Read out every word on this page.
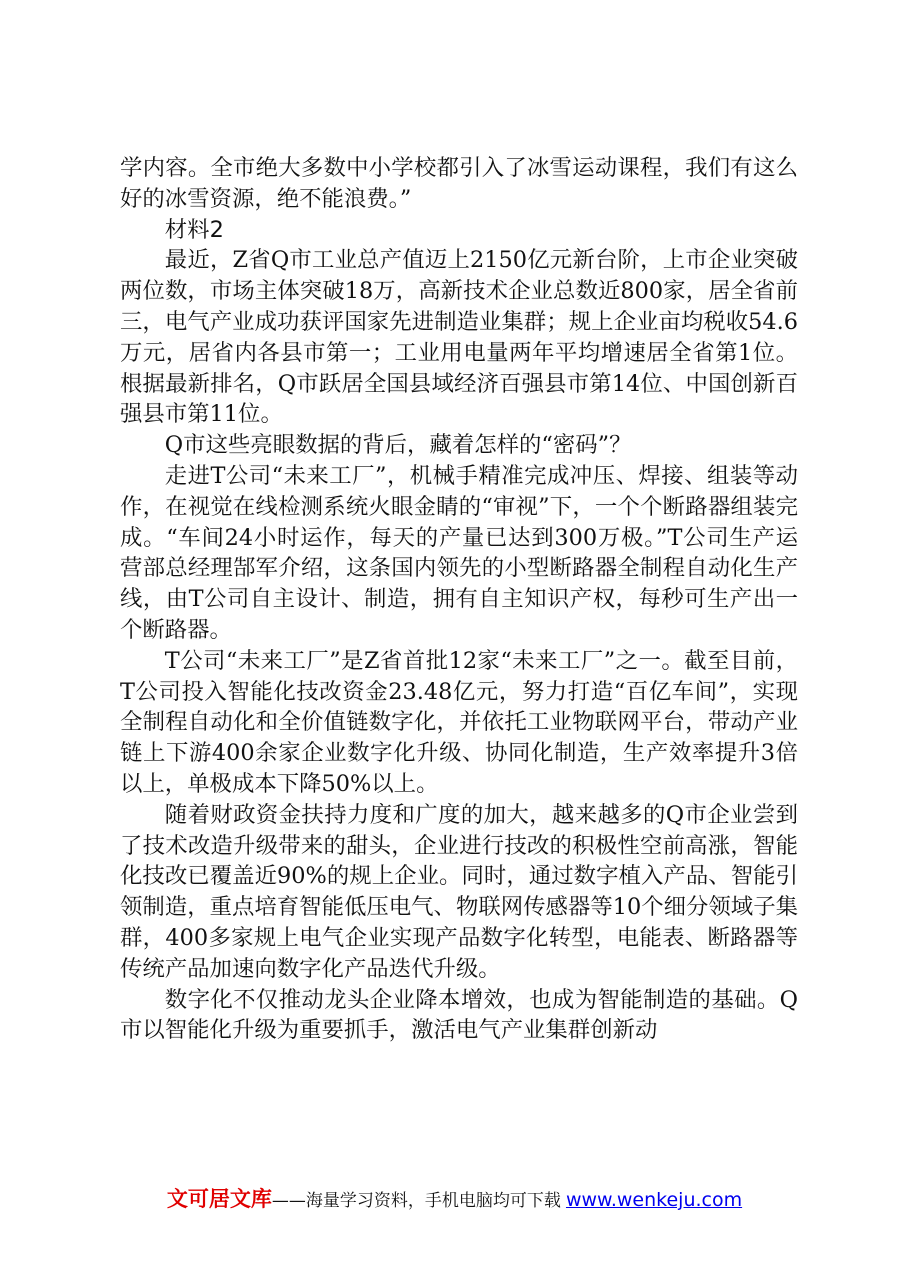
学内容。全市绝大多数中小学校都引入了冰雪运动课程，我们有这么好的冰雪资源，绝不能浪费。”

材料2

最近，Z省Q市工业总产值迈上2150亿元新台阶，上市企业突破两位数，市场主体突破18万，高新技术企业总数近800家，居全省前三，电气产业成功获评国家先进制造业集群；规上企业亩均税收54.6万元，居省内各县市第一；工业用电量两年平均增速居全省第1位。根据最新排名，Q市跃居全国县域经济百强县市第14位、中国创新百强县市第11位。

Q市这些亮眼数据的背后，藏着怎样的“密码”？

走进T公司“未来工厂”，机械手精准完成冲压、焊接、组装等动作，在视觉在线检测系统火眼金睛的“审视”下，一个个断路器组装完成。“车间24小时运作，每天的产量已达到300万极。”T公司生产运营部总经理郜军介绍，这条国内领先的小型断路器全制程自动化生产线，由T公司自主设计、制造，拥有自主知识产权，每秒可生产出一个断路器。

T公司“未来工厂”是Z省首批12家“未来工厂”之一。截至目前，T公司投入智能化技改资金23.48亿元，努力打造“百亿车间”，实现全制程自动化和全价值链数字化，并依托工业物联网平台，带动产业链上下游400余家企业数字化升级、协同化制造，生产效率提升3倍以上，单极成本下降50%以上。

随着财政资金扶持力度和广度的加大，越来越多的Q市企业尝到了技术改造升级带来的甜头，企业进行技改的积极性空前高涨，智能化技改已覆盖近90%的规上企业。同时，通过数字植入产品、智能引领制造，重点培育智能低压电气、物联网传感器等10个细分领域子集群，400多家规上电气企业实现产品数字化转型，电能表、断路器等传统产品加速向数字化产品迭代升级。

数字化不仅推动龙头企业降本增效，也成为智能制造的基础。Q市以智能化升级为重要抓手，激活电气产业集群创新动

文可居文库——海量学习资料，手机电脑均可下载 www.wenkeju.com
